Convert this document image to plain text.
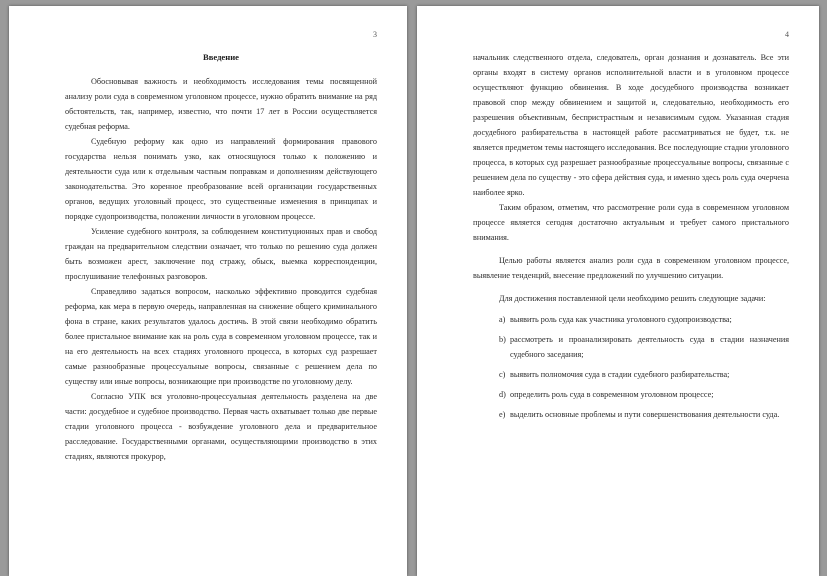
3
Введение

Обосновывая важность и необходимость исследования темы посвященной анализу роли суда в современном уголовном процессе, нужно обратить внимание на ряд обстоятельств, так, например, известно, что почти 17 лет в России осуществляется судебная реформа.

Судебную реформу как одно из направлений формирования правового государства нельзя понимать узко, как относящуюся только к положению и деятельности суда или к отдельным частным поправкам и дополнениям действующего законодательства. Это коренное преобразование всей организации государственных органов, ведущих уголовный процесс, это существенные изменения в принципах и порядке судопроизводства, положении личности в уголовном процессе.

Усиление судебного контроля, за соблюдением конституционных прав и свобод граждан на предварительном следствии означает, что только по решению суда должен быть возможен арест, заключение под стражу, обыск, выемка корреспонденции, прослушивание телефонных разговоров.

Справедливо задаться вопросом, насколько эффективно проводится судебная реформа, как мера в первую очередь, направленная на снижение общего криминального фона в стране, каких результатов удалось достичь. В этой связи необходимо обратить более пристальное внимание как на роль суда в современном уголовном процессе, так и на его деятельность на всех стадиях уголовного процесса, в которых суд разрешает самые разнообразные процессуальные вопросы, связанные с решением дела по существу или иные вопросы, возникающие при производстве по уголовному делу.

Согласно УПК вся уголовно-процессуальная деятельность разделена на две части: досудебное и судебное производство. Первая часть охватывает только две первые стадии уголовного процесса - возбуждение уголовного дела и предварительное расследование. Государственными органами, осуществляющими производство в этих стадиях, являются прокурор,

4

начальник следственного отдела, следователь, орган дознания и дознаватель. Все эти органы входят в систему органов исполнительной власти и в уголовном процессе осуществляют функцию обвинения. В ходе досудебного производства возникает правовой спор между обвинением и защитой и, следовательно, необходимость его разрешения объективным, беспристрастным и независимым судом. Указанная стадия досудебного разбирательства в настоящей работе рассматриваться не будет, т.к. не является предметом темы настоящего исследования. Все последующие стадии уголовного процесса, в которых суд разрешает разнообразные процессуальные вопросы, связанные с решением дела по существу - это сфера действия суда, и именно здесь роль суда очерчена наиболее ярко.

Таким образом, отметим, что рассмотрение роли суда в современном уголовном процессе является сегодня достаточно актуальным и требует самого пристального внимания.

Целью работы является анализ роли суда в современном уголовном процессе, выявление тенденций, внесение предложений по улучшению ситуации.

Для достижения поставленной цели необходимо решить следующие задачи:

a) выявить роль суда как участника уголовного судопроизводства;
b) рассмотреть и проанализировать деятельность суда в стадии назначения судебного заседания;
c) выявить полномочия суда в стадии судебного разбирательства;
d) определить роль суда в современном уголовном процессе;
e) выделить основные проблемы и пути совершенствования деятельности суда.
